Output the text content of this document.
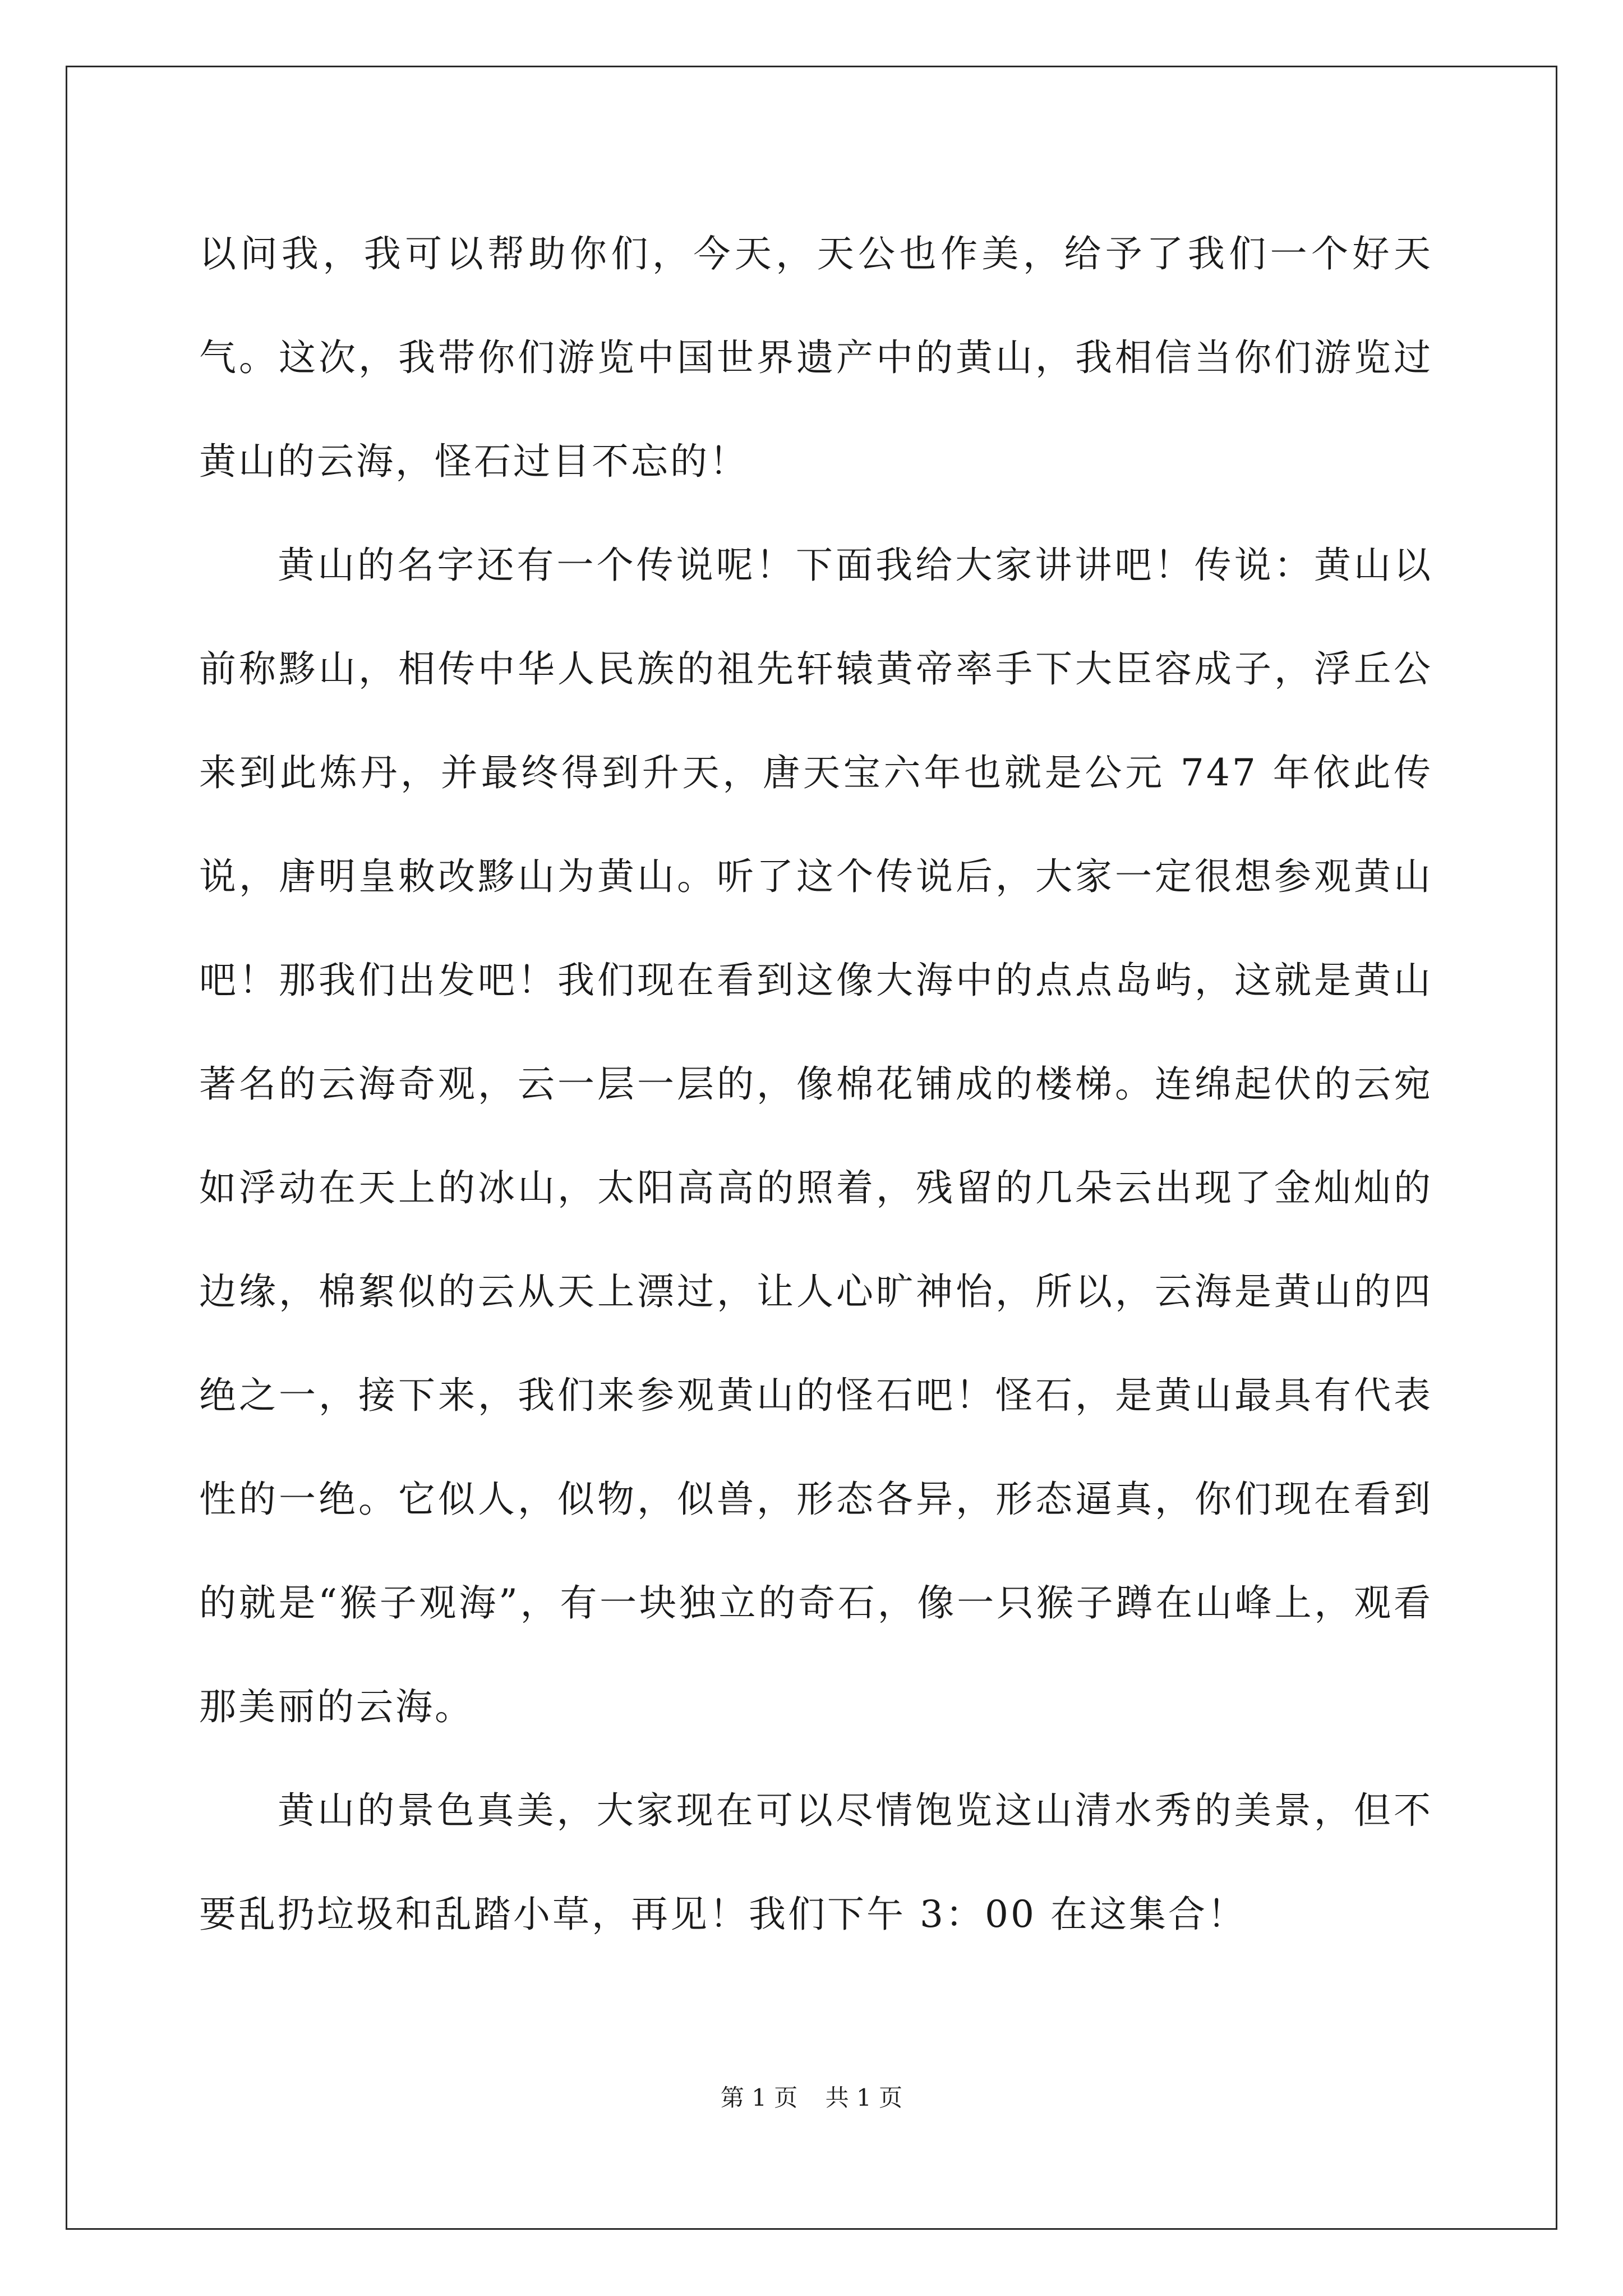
以问我，我可以帮助你们，今天，天公也作美，给予了我们一个好天气。这次，我带你们游览中国世界遗产中的黄山，我相信当你们游览过黄山的云海，怪石过目不忘的！

黄山的名字还有一个传说呢！下面我给大家讲讲吧！传说：黄山以前称黟山，相传中华人民族的祖先轩辕黄帝率手下大臣容成子，浮丘公来到此炼丹，并最终得到升天，唐天宝六年也就是公元 747 年依此传说，唐明皇敕改黟山为黄山。听了这个传说后，大家一定很想参观黄山吧！那我们出发吧！我们现在看到这像大海中的点点岛屿，这就是黄山著名的云海奇观，云一层一层的，像棉花铺成的楼梯。连绵起伏的云宛如浮动在天上的冰山，太阳高高的照着，残留的几朵云出现了金灿灿的边缘，棉絮似的云从天上漂过，让人心旷神怡，所以，云海是黄山的四绝之一，接下来，我们来参观黄山的怪石吧！怪石，是黄山最具有代表性的一绝。它似人，似物，似兽，形态各异，形态逼真，你们现在看到的就是“猴子观海”，有一块独立的奇石，像一只猴子蹲在山峰上，观看那美丽的云海。

黄山的景色真美，大家现在可以尽情饱览这山清水秀的美景，但不要乱扔垃圾和乱踏小草，再见！我们下午 3：00 在这集合！

第 1 页 共 1 页
